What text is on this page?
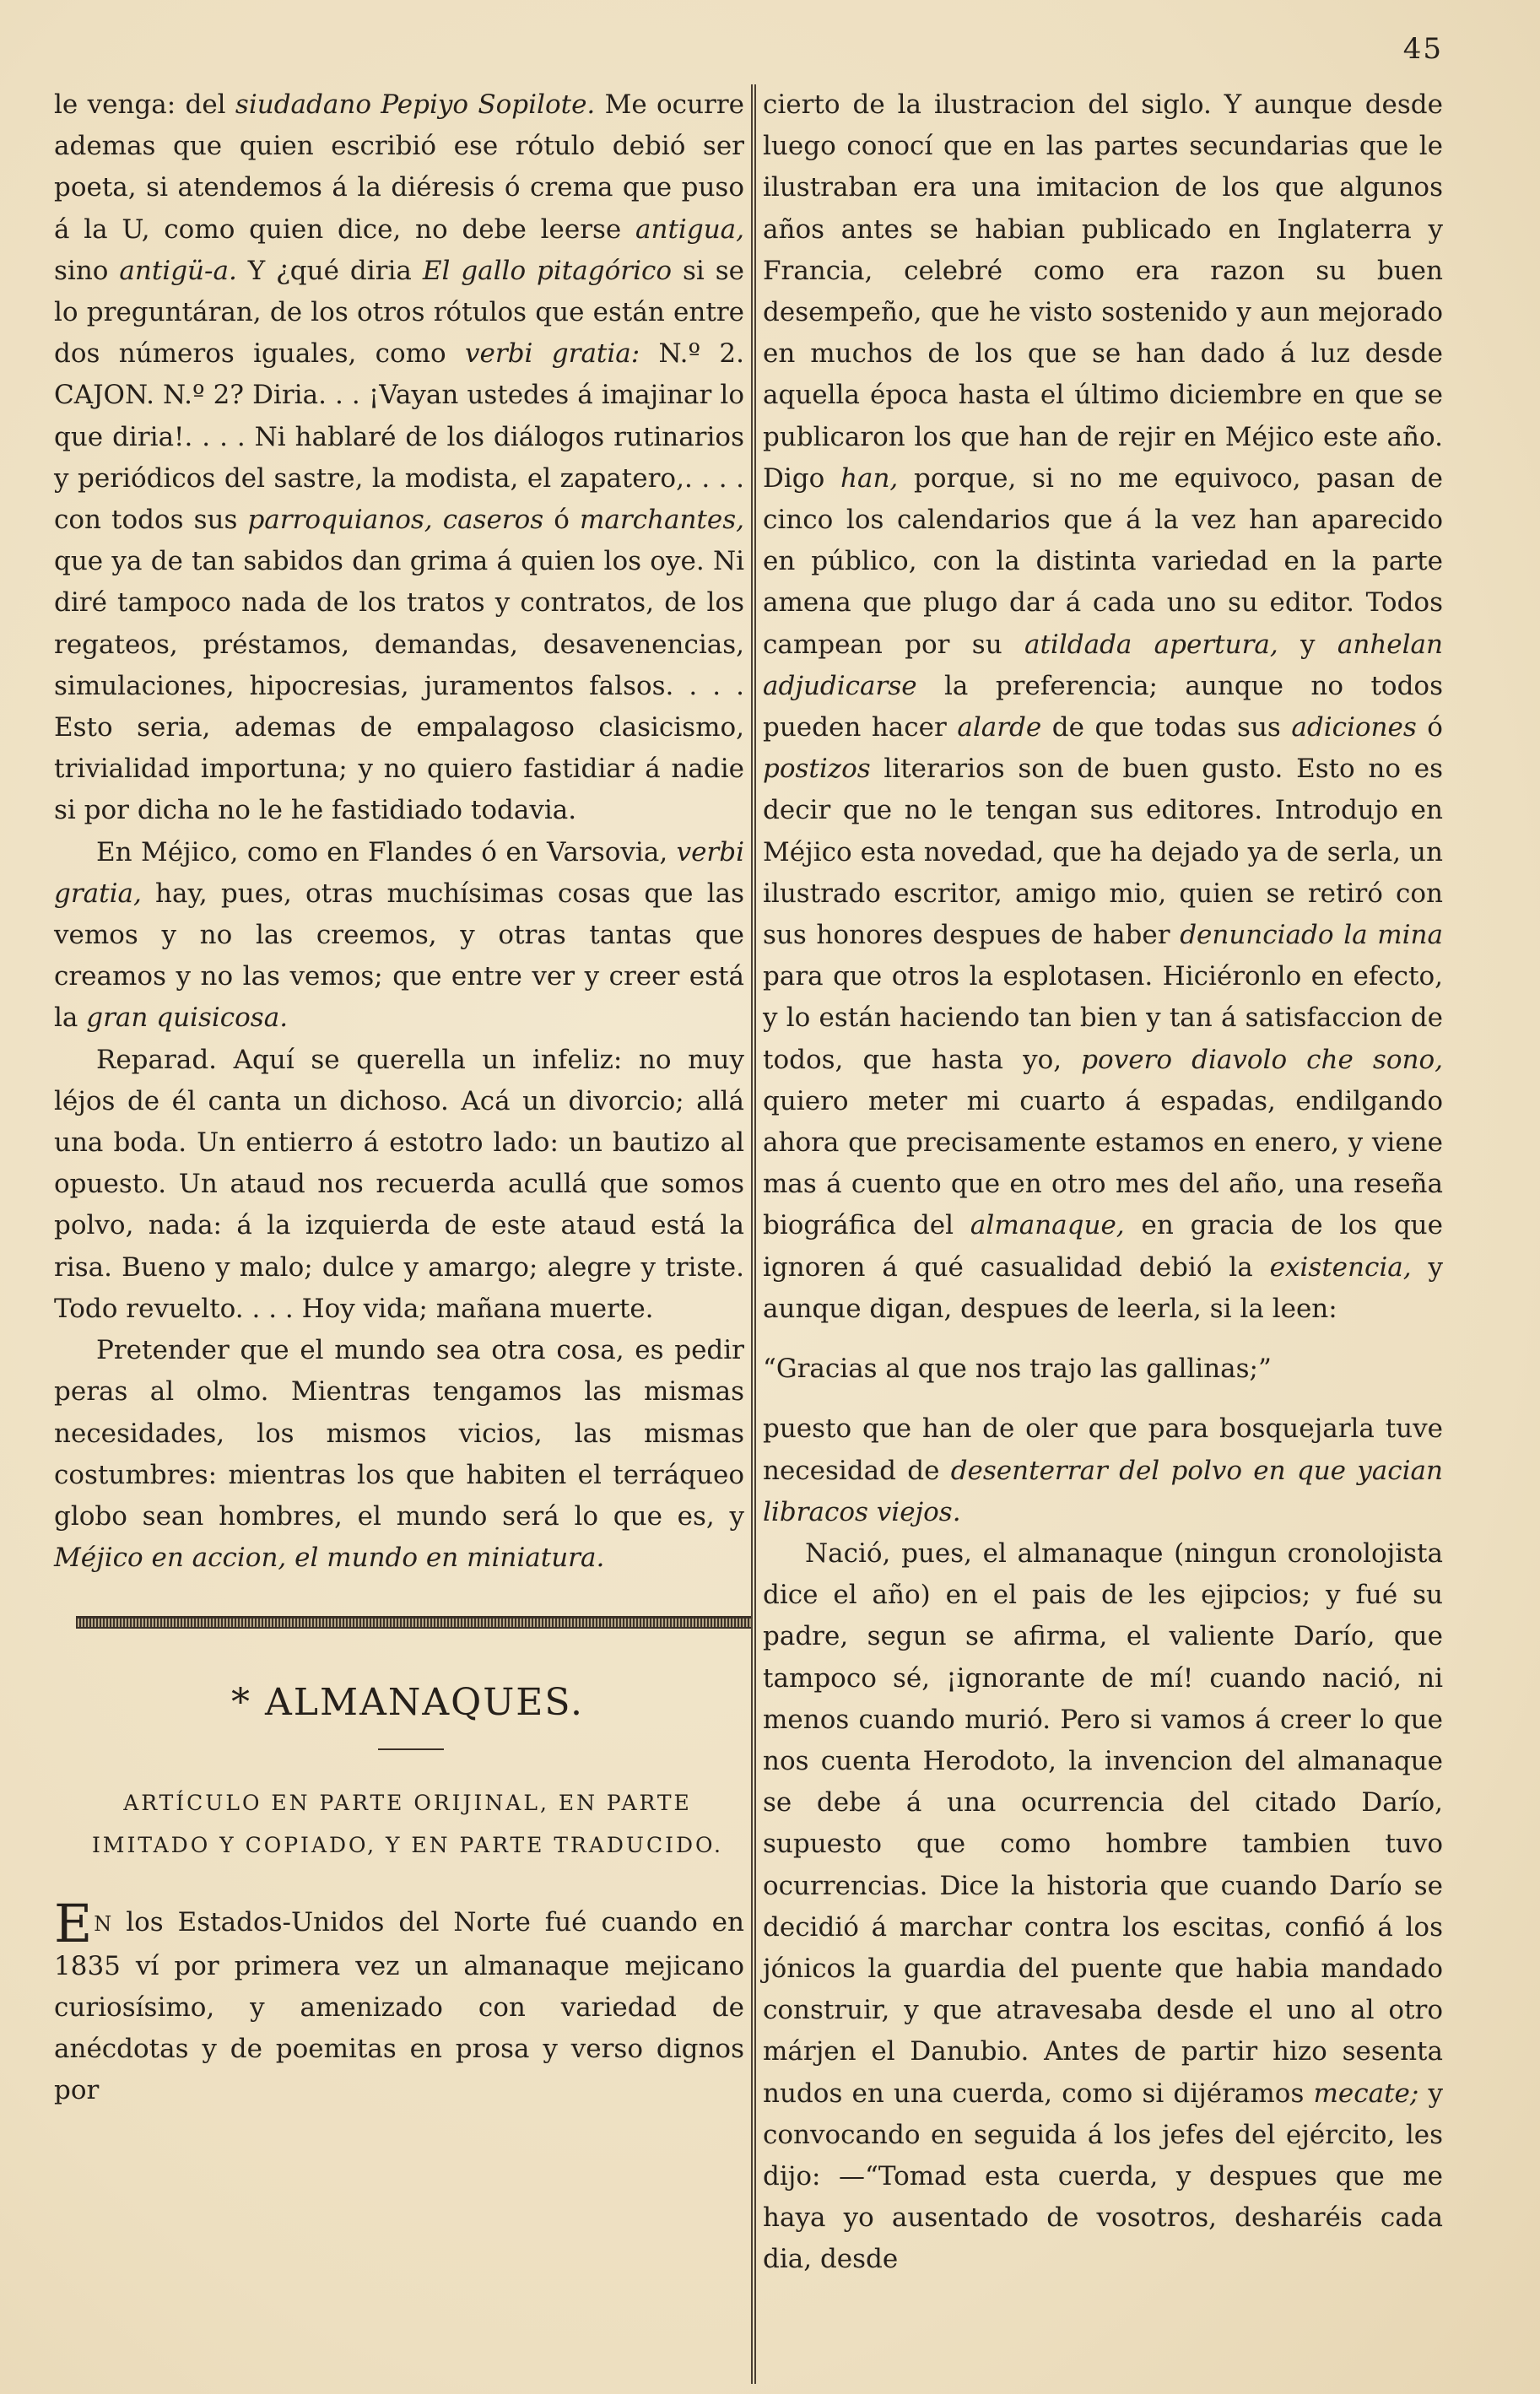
45

le venga: del siudadano Pepiyo Sopilote. Me ocurre ademas que quien escribió ese rótulo debió ser poeta, si atendemos á la diéresis ó crema que puso á la U, como quien dice, no debe leerse antigua, sino antigü-a. Y ¿qué diria El gallo pitagórico si se lo preguntáran, de los otros rótulos que están entre dos números iguales, como verbi gratia: N.º 2. CAJON. N.º 2? Diria. . . ¡Vayan ustedes á imajinar lo que diria!. . . . Ni hablaré de los diálogos rutinarios y periódicos del sastre, la modista, el zapatero,. . . . con todos sus parroquianos, caseros ó marchantes, que ya de tan sabidos dan grima á quien los oye. Ni diré tampoco nada de los tratos y contratos, de los regateos, préstamos, demandas, desavenencias, simulaciones, hipocresias, juramentos falsos. . . . Esto seria, ademas de empalagoso clasicismo, trivialidad importuna; y no quiero fastidiar á nadie si por dicha no le he fastidiado todavia.

En Méjico, como en Flandes ó en Varsovia, verbi gratia, hay, pues, otras muchísimas cosas que las vemos y no las creemos, y otras tantas que creamos y no las vemos; que entre ver y creer está la gran quisicosa.

Reparad. Aquí se querella un infeliz: no muy léjos de él canta un dichoso. Acá un divorcio; allá una boda. Un entierro á estotro lado: un bautizo al opuesto. Un ataud nos recuerda acullá que somos polvo, nada: á la izquierda de este ataud está la risa. Bueno y malo; dulce y amargo; alegre y triste. Todo revuelto. . . . Hoy vida; mañana muerte.

Pretender que el mundo sea otra cosa, es pedir peras al olmo. Mientras tengamos las mismas necesidades, los mismos vicios, las mismas costumbres: mientras los que habiten el terráqueo globo sean hombres, el mundo será lo que es, y Méjico en accion, el mundo en miniatura.

* ALMANAQUES.
ARTÍCULO EN PARTE ORIJINAL, EN PARTE IMITADO Y COPIADO, Y EN PARTE TRADUCIDO.

E N los Estados-Unidos del Norte fué cuando en 1835 ví por primera vez un almanaque mejicano curiosísimo, y amenizado con variedad de anécdotas y de poemitas en prosa y verso dignos por

cierto de la ilustracion del siglo. Y aunque desde luego conocí que en las partes secundarias que le ilustraban era una imitacion de los que algunos años antes se habian publicado en Inglaterra y Francia, celebré como era razon su buen desempeño, que he visto sostenido y aun mejorado en muchos de los que se han dado á luz desde aquella época hasta el último diciembre en que se publicaron los que han de rejir en Méjico este año. Digo han, porque, si no me equivoco, pasan de cinco los calendarios que á la vez han aparecido en público, con la distinta variedad en la parte amena que plugo dar á cada uno su editor. Todos campean por su atildada apertura, y anhelan adjudicarse la preferencia; aunque no todos pueden hacer alarde de que todas sus adiciones ó postizos literarios son de buen gusto. Esto no es decir que no le tengan sus editores. Introdujo en Méjico esta novedad, que ha dejado ya de serla, un ilustrado escritor, amigo mio, quien se retiró con sus honores despues de haber denunciado la mina para que otros la esplotasen. Hiciéronlo en efecto, y lo están haciendo tan bien y tan á satisfaccion de todos, que hasta yo, povero diavolo che sono, quiero meter mi cuarto á espadas, endilgando ahora que precisamente estamos en enero, y viene mas á cuento que en otro mes del año, una reseña biográfica del almanaque, en gracia de los que ignoren á qué casualidad debió la existencia, y aunque digan, despues de leerla, si la leen:

“Gracias al que nos trajo las gallinas;”

puesto que han de oler que para bosquejarla tuve necesidad de desenterrar del polvo en que yacian libracos viejos.

Nació, pues, el almanaque (ningun cronolojista dice el año) en el pais de les ejipcios; y fué su padre, segun se afirma, el valiente Darío, que tampoco sé, ¡ignorante de mí! cuando nació, ni menos cuando murió. Pero si vamos á creer lo que nos cuenta Herodoto, la invencion del almanaque se debe á una ocurrencia del citado Darío, supuesto que como hombre tambien tuvo ocurrencias. Dice la historia que cuando Darío se decidió á marchar contra los escitas, confió á los jónicos la guardia del puente que habia mandado construir, y que atravesaba desde el uno al otro márjen el Danubio. Antes de partir hizo sesenta nudos en una cuerda, como si dijéramos mecate; y convocando en seguida á los jefes del ejército, les dijo: —“Tomad esta cuerda, y despues que me haya yo ausentado de vosotros, desharéis cada dia, desde
